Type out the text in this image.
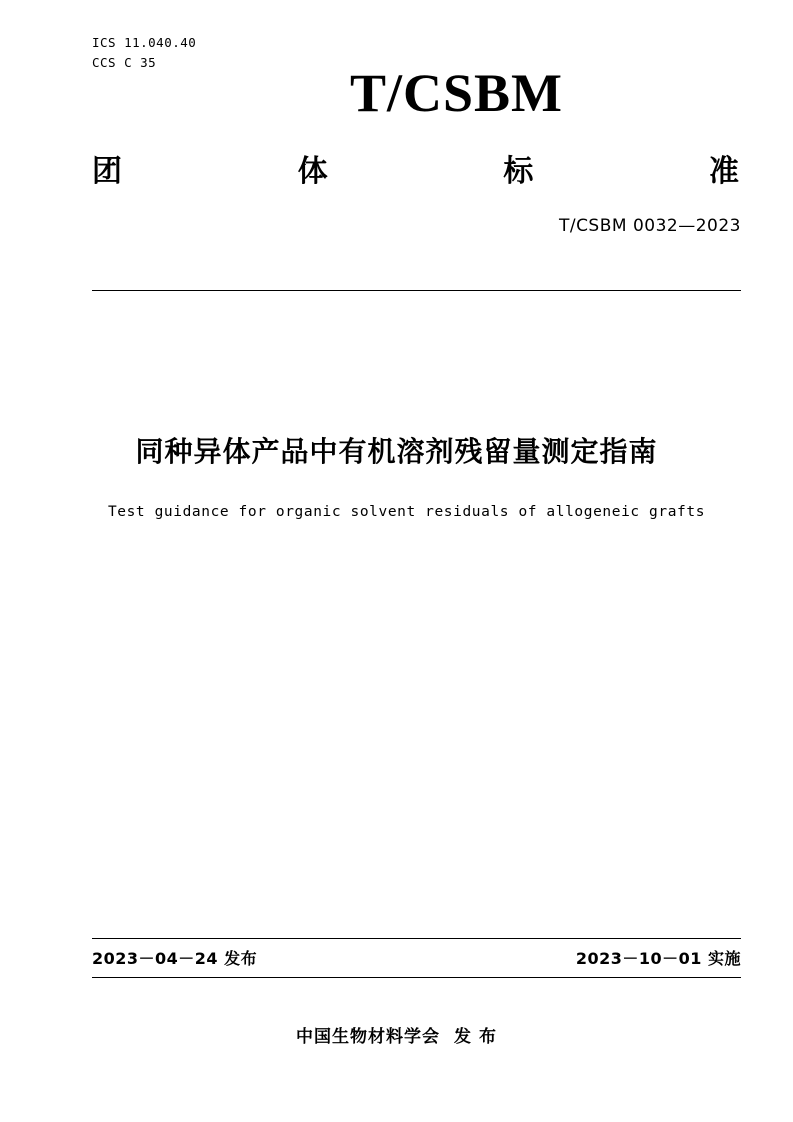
ICS 11.040.40
CCS C 35
T/CSBM
团	体	标	准
T/CSBM 0032—2023
同种异体产品中有机溶剂残留量测定指南
Test guidance for organic solvent residuals of allogeneic grafts
2023－04－24 发布	2023－10－01 实施
中国生物材料学会 发 布
